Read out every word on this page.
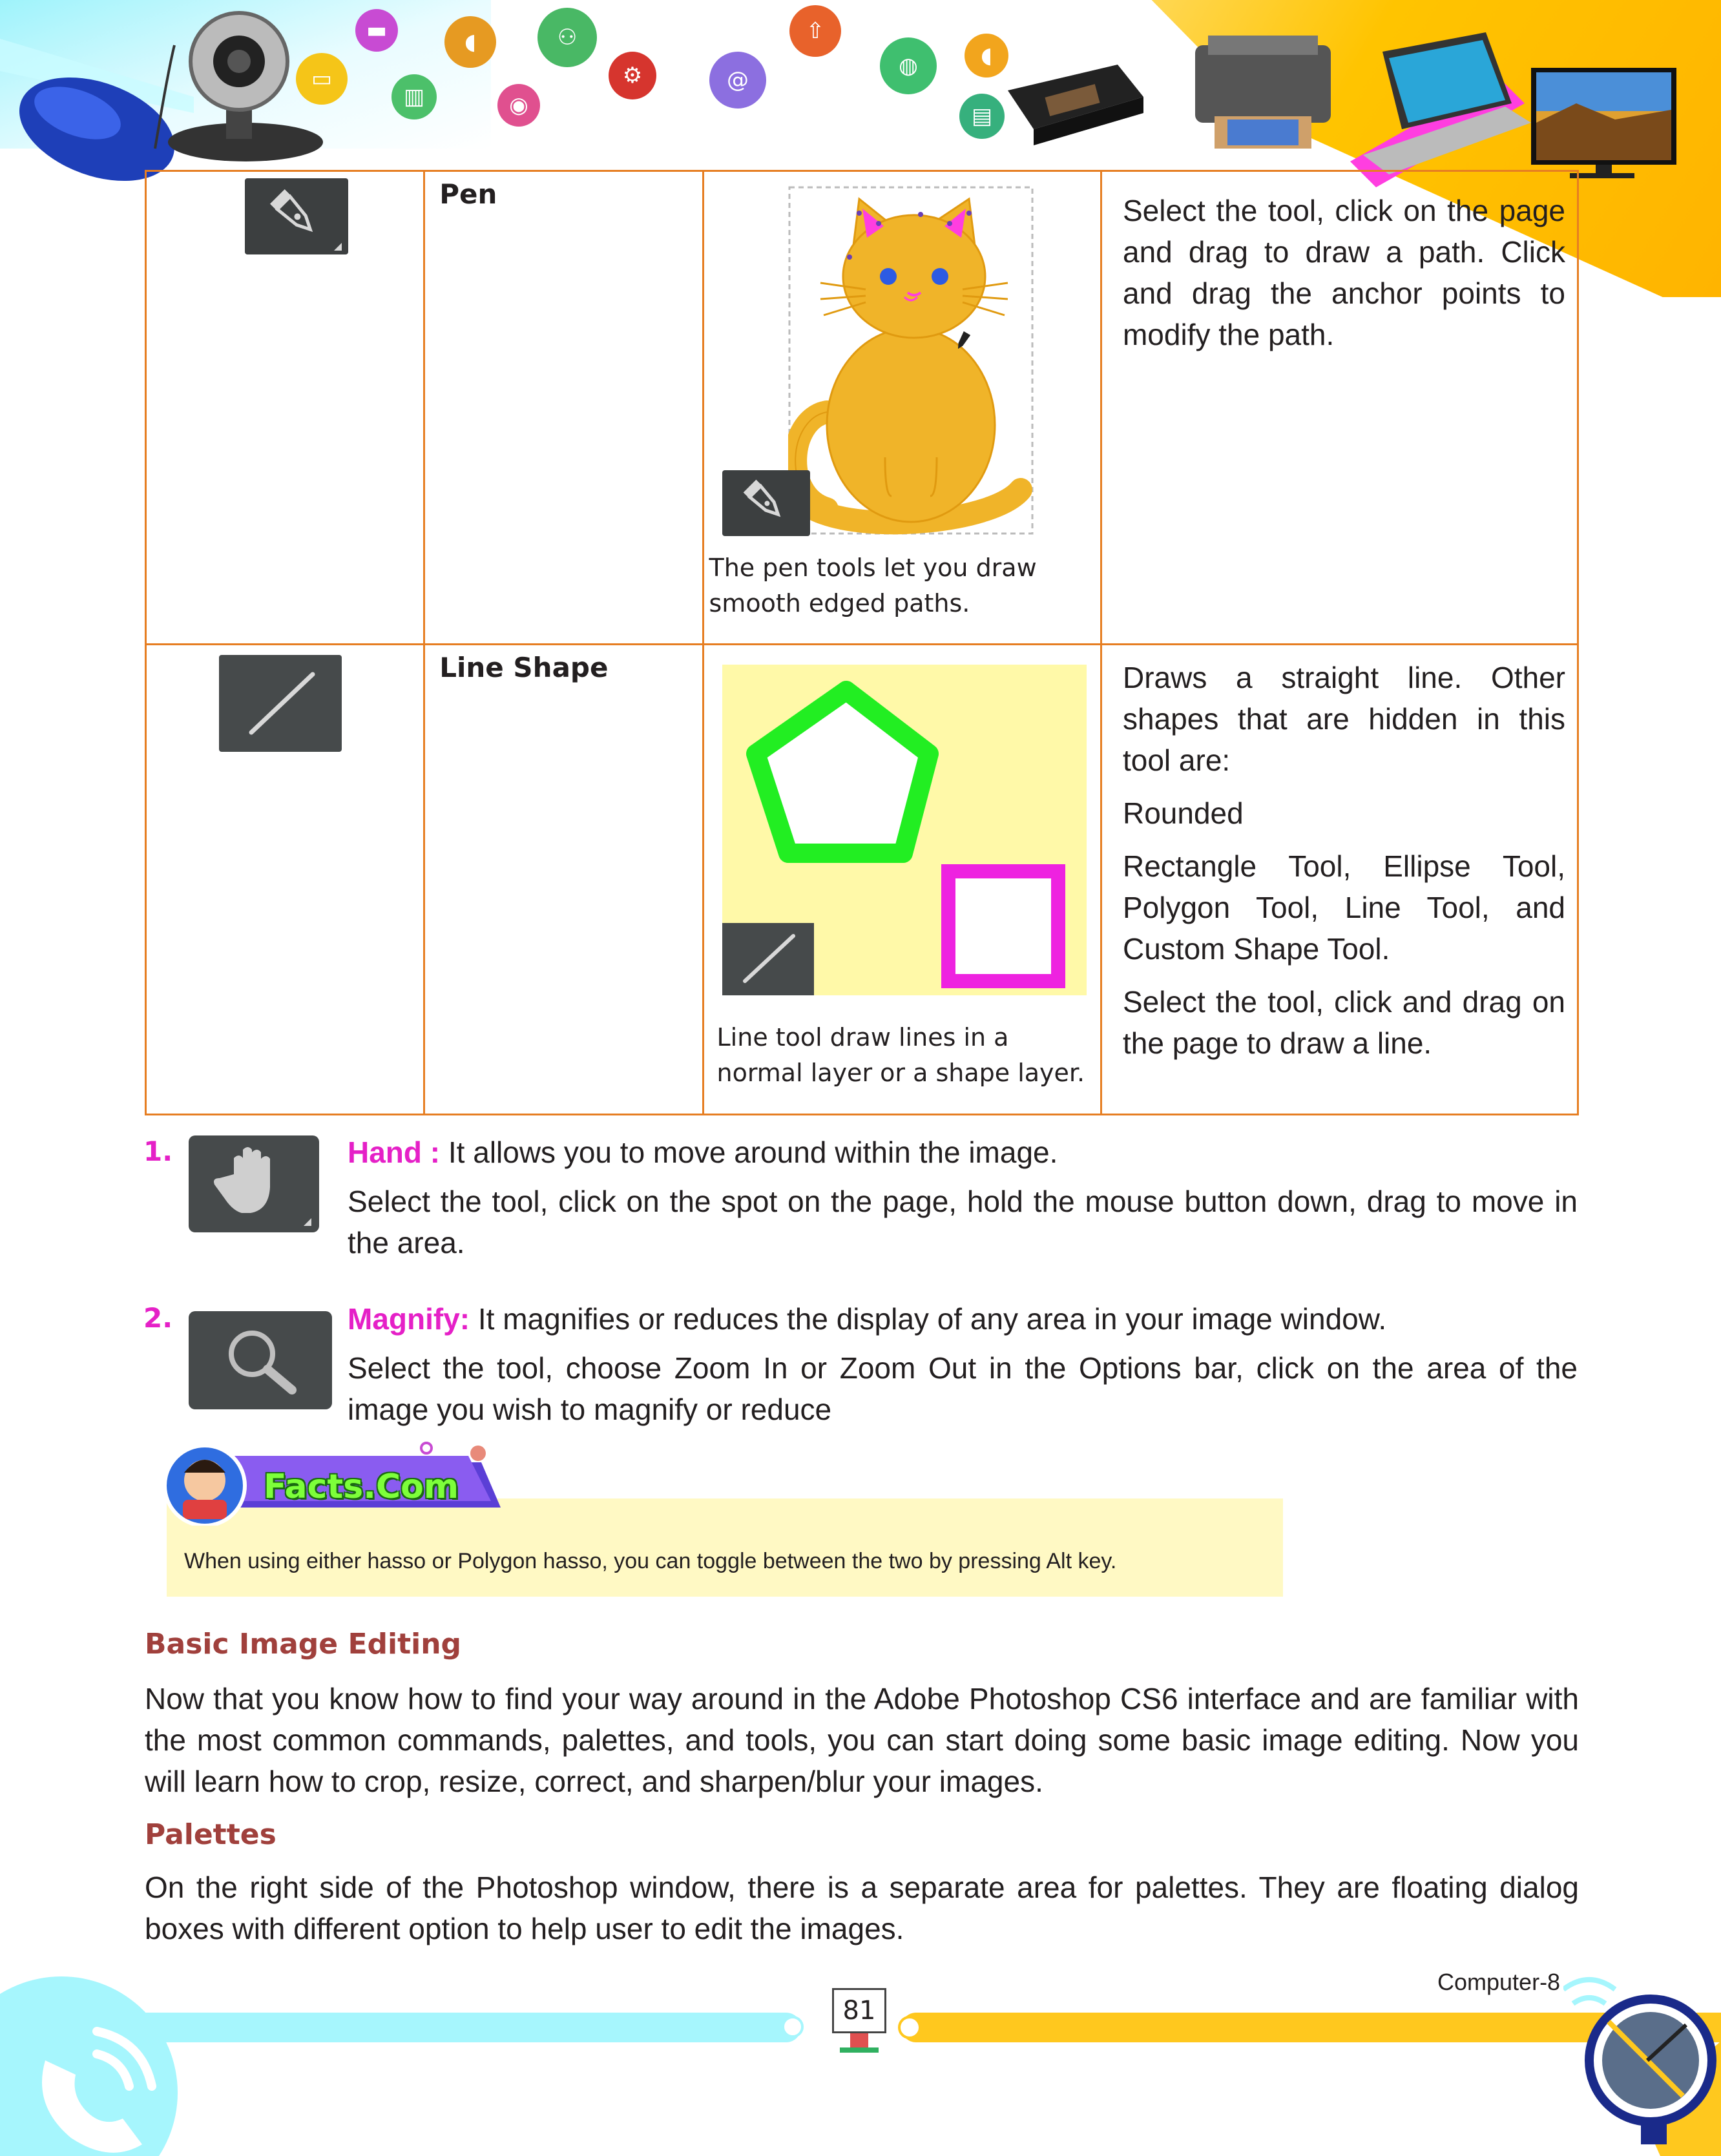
▭
▬
▥
◖
◉
⚇
⚙	@
⇧
◍	◖
▤

Pen	The pen tools let you draw smooth edged paths.	Select the tool, click on the page and drag to draw a path. Click and drag the anchor points to modify the path.

Line Shape	Line tool draw lines in a normal layer or a shape layer.	Draws a straight line. Other shapes that are hidden in this tool are:

Rounded

Rectangle Tool, Ellipse Tool, Polygon Tool, Line Tool, and Custom Shape Tool.

Select the tool, click and drag on the page to draw a line.

1.	Hand : It allows you to move around within the image.
Select the tool, click on the spot on the page, hold the mouse button down, drag to move in the area.
2.	Magnify: It magnifies or reduces the display of any area in your image window.
Select the tool, choose Zoom In or Zoom Out in the Options bar, click on the area of the image you wish to magnify or reduce
Facts.Com
When using either hasso or Polygon hasso, you can toggle between the two by pressing Alt key.
Basic Image Editing
Now that you know how to find your way around in the Adobe Photoshop CS6 interface and are familiar with the most common commands, palettes, and tools, you can start doing some basic image editing. Now you will learn how to crop, resize, correct, and sharpen/blur your images.
Palettes
On the right side of the Photoshop window, there is a separate area for palettes. They are floating dialog boxes with different option to help user to edit the images.
81
Computer-8
